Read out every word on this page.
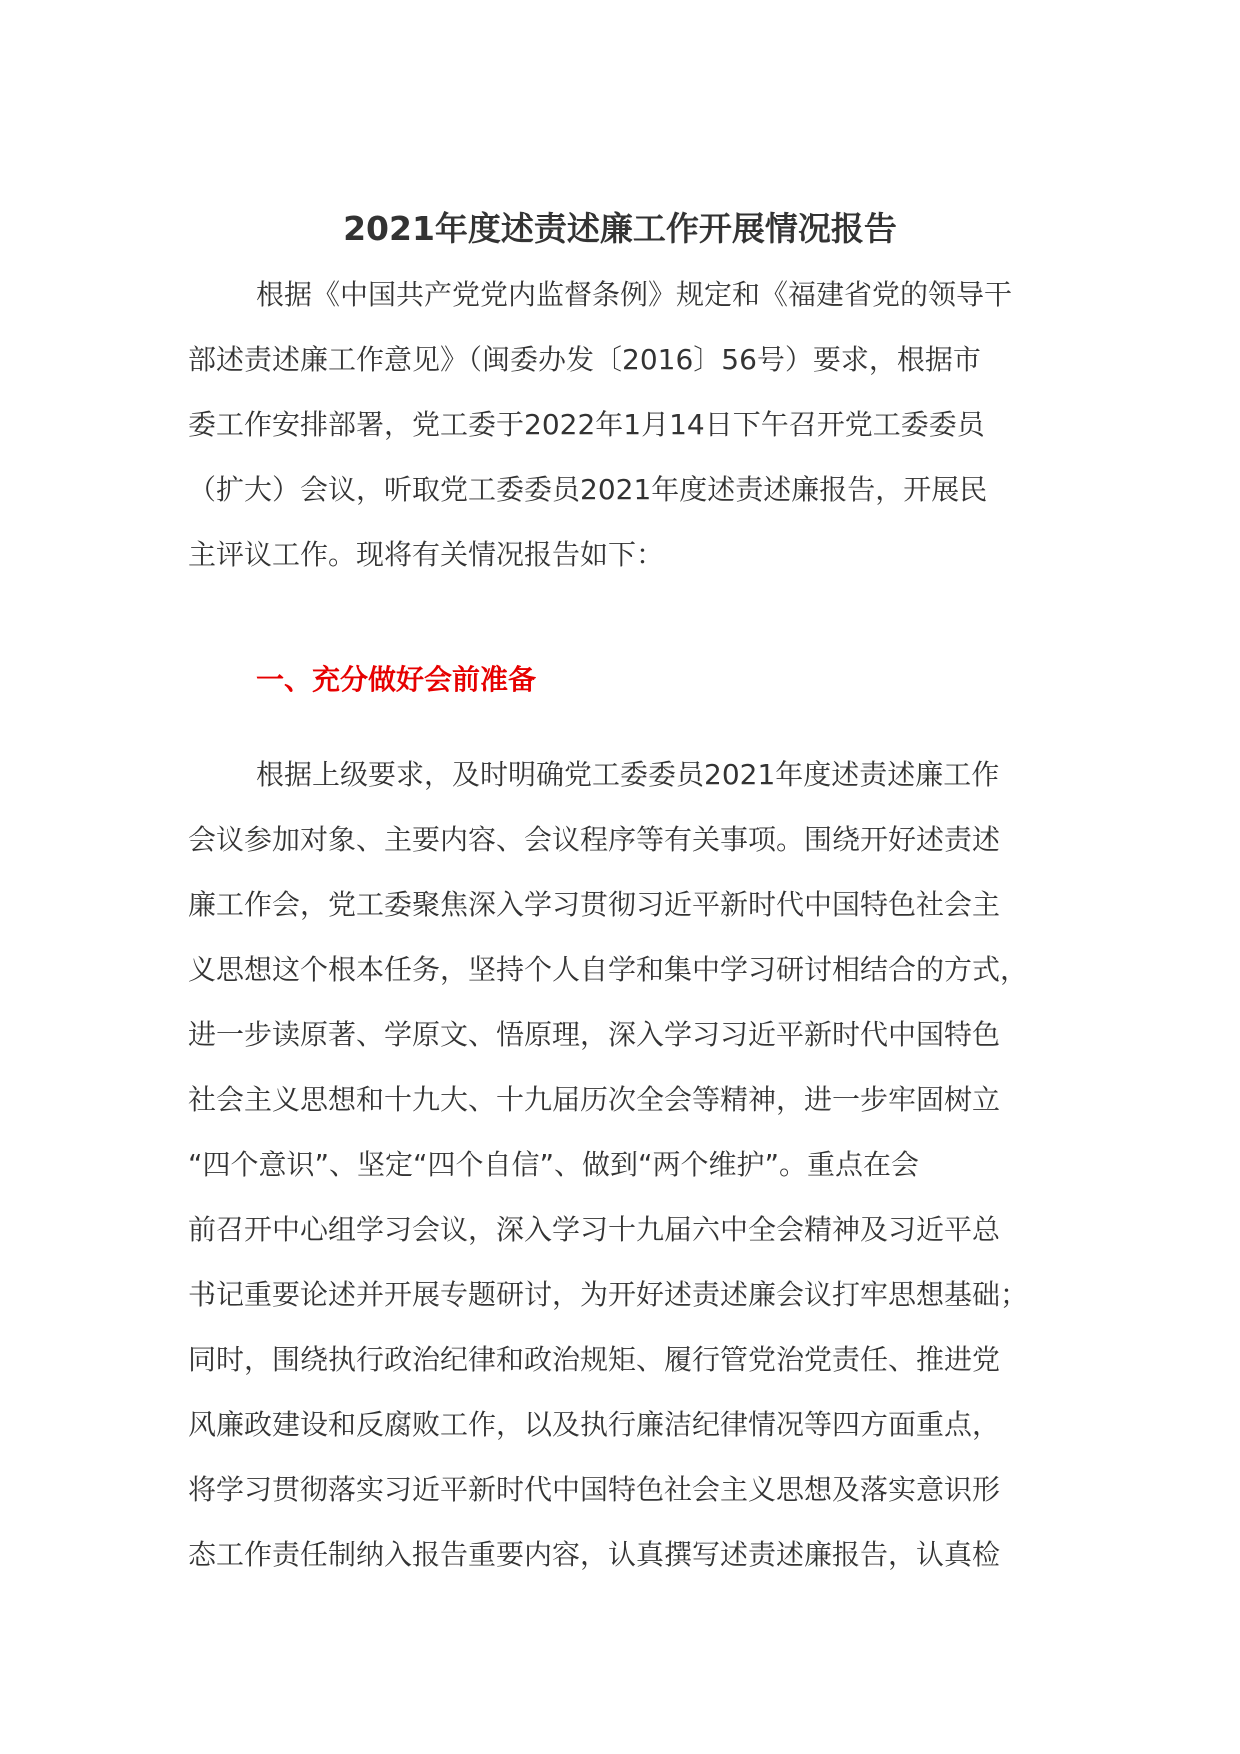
2021年度述责述廉工作开展情况报告
根据《中国共产党党内监督条例》规定和《福建省党的领导干
部述责述廉工作意见》（闽委办发〔2016〕56号）要求，根据市
委工作安排部署，党工委于2022年1月14日下午召开党工委委员
（扩大）会议，听取党工委委员2021年度述责述廉报告，开展民
主评议工作。现将有关情况报告如下：
一、充分做好会前准备
根据上级要求，及时明确党工委委员2021年度述责述廉工作
会议参加对象、主要内容、会议程序等有关事项。围绕开好述责述
廉工作会，党工委聚焦深入学习贯彻习近平新时代中国特色社会主
义思想这个根本任务，坚持个人自学和集中学习研讨相结合的方式，
进一步读原著、学原文、悟原理，深入学习习近平新时代中国特色
社会主义思想和十九大、十九届历次全会等精神，进一步牢固树立
“四个意识”、坚定“四个自信”、做到“两个维护”。重点在会
前召开中心组学习会议，深入学习十九届六中全会精神及习近平总
书记重要论述并开展专题研讨，为开好述责述廉会议打牢思想基础；
同时，围绕执行政治纪律和政治规矩、履行管党治党责任、推进党
风廉政建设和反腐败工作，以及执行廉洁纪律情况等四方面重点，
将学习贯彻落实习近平新时代中国特色社会主义思想及落实意识形
态工作责任制纳入报告重要内容，认真撰写述责述廉报告，认真检
